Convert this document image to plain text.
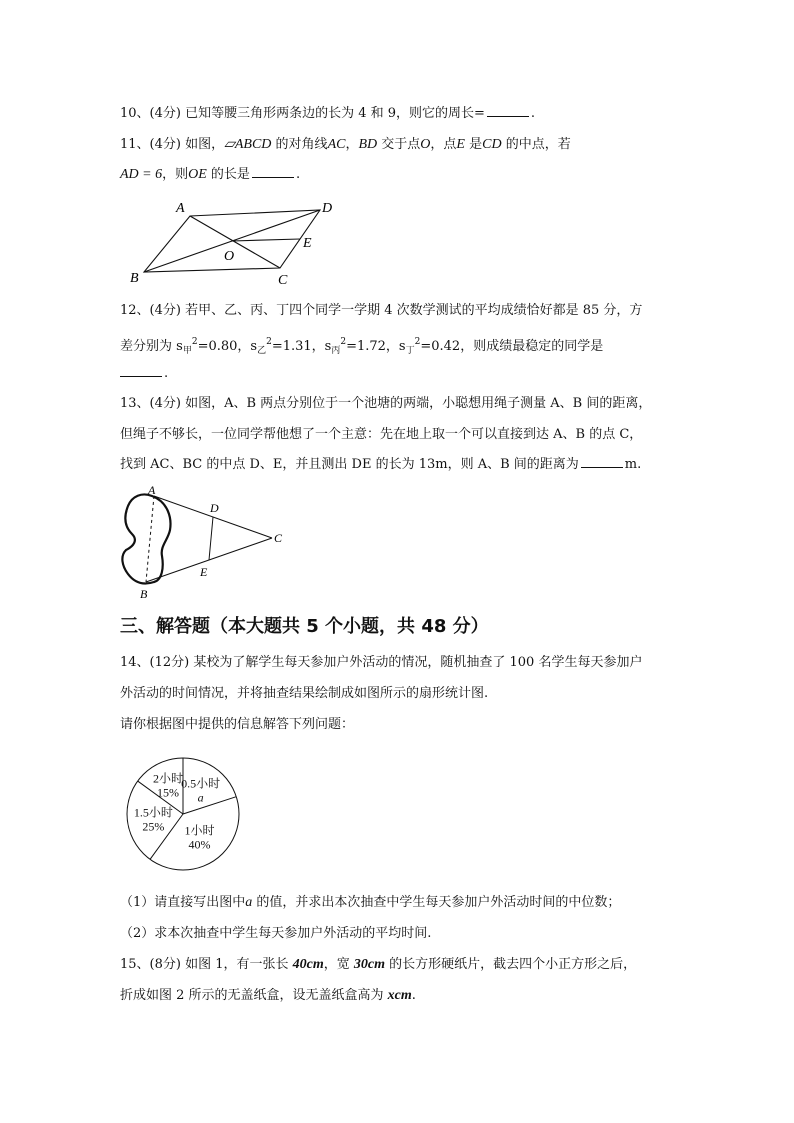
10、(4分) 已知等腰三角形两条边的长为 4 和 9，则它的周长=	.
11、(4分) 如图，▱ABCD 的对角线AC，BD 交于点O，点E 是CD 的中点，若
AD = 6，则OE 的长是	.
A	D
E
O
B	C
12、(4分) 若甲、乙、丙、丁四个同学一学期 4 次数学测试的平均成绩恰好都是 85 分，方
差分别为 $s_甲^2=0.80$，$s_乙^2=1.31$，$s_丙^2=1.72$，$s_丁^2=0.42$，则成绩最稳定的同学是
.
13、(4分) 如图，A、B 两点分别位于一个池塘的两端，小聪想用绳子测量 A、B 间的距离，
但绳子不够长，一位同学帮他想了一个主意：先在地上取一个可以直接到达 A、B 的点 C，
找到 AC、BC 的中点 D、E，并且测出 DE 的长为 13m，则 A、B 间的距离为	m.
A
D
C
E
B
三、解答题（本大题共 5 个小题，共 48 分）
14、(12分) 某校为了解学生每天参加户外活动的情况，随机抽查了 100 名学生每天参加户
外活动的时间情况，并将抽查结果绘制成如图所示的扇形统计图.
请你根据图中提供的信息解答下列问题：
0.5小时
a
1小时
40%
1.5小时
25%
2小时
15%
（1）请直接写出图中a 的值，并求出本次抽查中学生每天参加户外活动时间的中位数；
（2）求本次抽查中学生每天参加户外活动的平均时间.
15、(8分) 如图 1，有一张长 40cm，宽 30cm 的长方形硬纸片，截去四个小正方形之后，
折成如图 2 所示的无盖纸盒，设无盖纸盒高为 xcm.
